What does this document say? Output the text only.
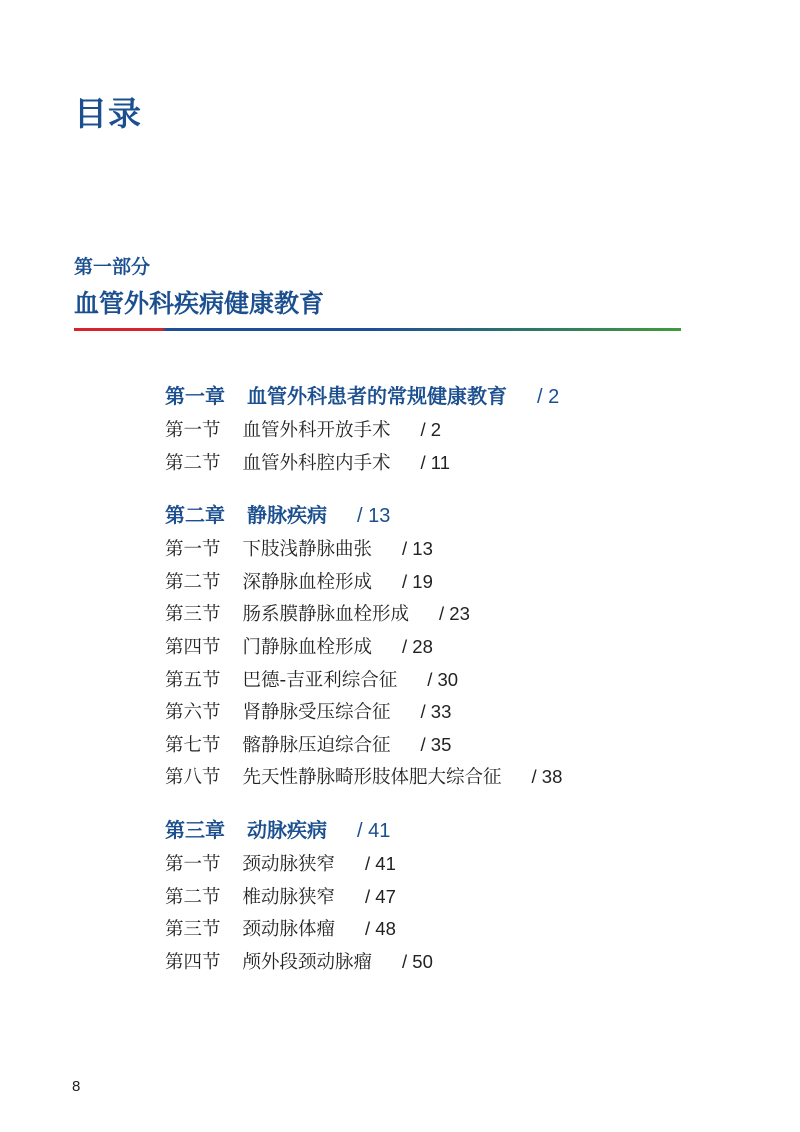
目录
第一部分
血管外科疾病健康教育
第一章 血管外科患者的常规健康教育 / 2
第一节 血管外科开放手术 / 2
第二节 血管外科腔内手术 / 11
第二章 静脉疾病 / 13
第一节 下肢浅静脉曲张 / 13
第二节 深静脉血栓形成 / 19
第三节 肠系膜静脉血栓形成 / 23
第四节 门静脉血栓形成 / 28
第五节 巴德-吉亚利综合征 / 30
第六节 肾静脉受压综合征 / 33
第七节 髂静脉压迫综合征 / 35
第八节 先天性静脉畸形肢体肥大综合征 / 38
第三章 动脉疾病 / 41
第一节 颈动脉狭窄 / 41
第二节 椎动脉狭窄 / 47
第三节 颈动脉体瘤 / 48
第四节 颅外段颈动脉瘤 / 50
8
